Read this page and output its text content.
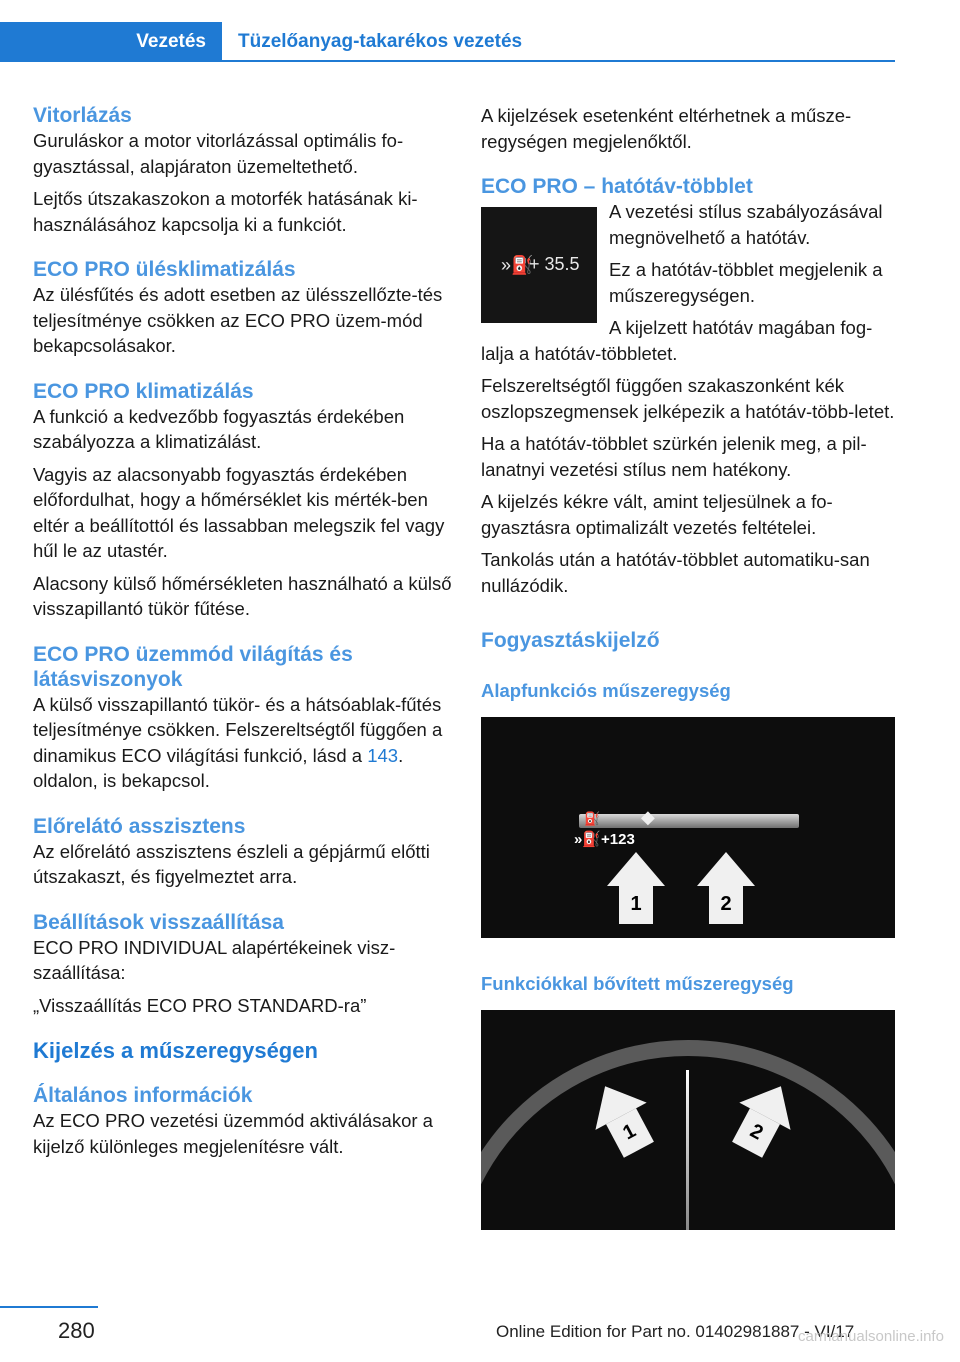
Vezetés	Tüzelőanyag-takarékos vezetés
Vitorlázás

Guruláskor a motor vitorlázással optimális fo‐gyasztással, alapjáraton üzemeltethető.

Lejtős útszakaszokon a motorfék hatásának ki‐használásához kapcsolja ki a funkciót.

ECO PRO ülésklimatizálás

Az ülésfűtés és adott esetben az ülésszellőzte‐tés teljesítménye csökken az ECO PRO üzem‐mód bekapcsolásakor.

ECO PRO klimatizálás

A funkció a kedvezőbb fogyasztás érdekében szabályozza a klimatizálást.

Vagyis az alacsonyabb fogyasztás érdekében előfordulhat, hogy a hőmérséklet kis mérték‐ben eltér a beállítottól és lassabban melegszik fel vagy hűl le az utastér.

Alacsony külső hőmérsékleten használható a külső visszapillantó tükör fűtése.

ECO PRO üzemmód világítás és látásviszonyok

A külső visszapillantó tükör- és a hátsóablak‐fűtés teljesítménye csökken. Felszereltségtől függően a dinamikus ECO világítási funkció, lásd a 143. oldalon, is bekapcsol.

Előrelátó asszisztens

Az előrelátó asszisztens észleli a gépjármű előtti útszakaszt, és figyelmeztet arra.

Beállítások visszaállítása

ECO PRO INDIVIDUAL alapértékeinek visz‐szaállítása:

„Visszaállítás ECO PRO STANDARD-ra”

Kijelzés a műszeregységen
Általános információk

Az ECO PRO vezetési üzemmód aktiválásakor a kijelző különleges megjelenítésre vált.

A kijelzések esetenként eltérhetnek a műsze‐regységen megjelenőktől.

ECO PRO – hatótáv-többlet
»⛽
+ 35.5

A vezetési stílus szabályozásával megnövelhető a hatótáv.

Ez a hatótáv-többlet megjelenik a műszeregységen.

A kijelzett hatótáv magában fog‐lalja a hatótáv-többletet.

Felszereltségtől függően szakaszonként kék oszlopszegmensek jelképezik a hatótáv-több‐letet.

Ha a hatótáv-többlet szürkén jelenik meg, a pil‐lanatnyi vezetési stílus nem hatékony.

A kijelzés kékre vált, amint teljesülnek a fo‐gyasztásra optimalizált vezetés feltételei.

Tankolás után a hatótáv-többlet automatiku‐san nullázódik.

Fogyasztáskijelző
Alapfunkciós műszeregység
⛽ ◆
»⛽+123
1	2
Funkciókkal bővített műszeregység
1	2
280	Online Edition for Part no. 01402981887 - VI/17
carmanualsonline.info
